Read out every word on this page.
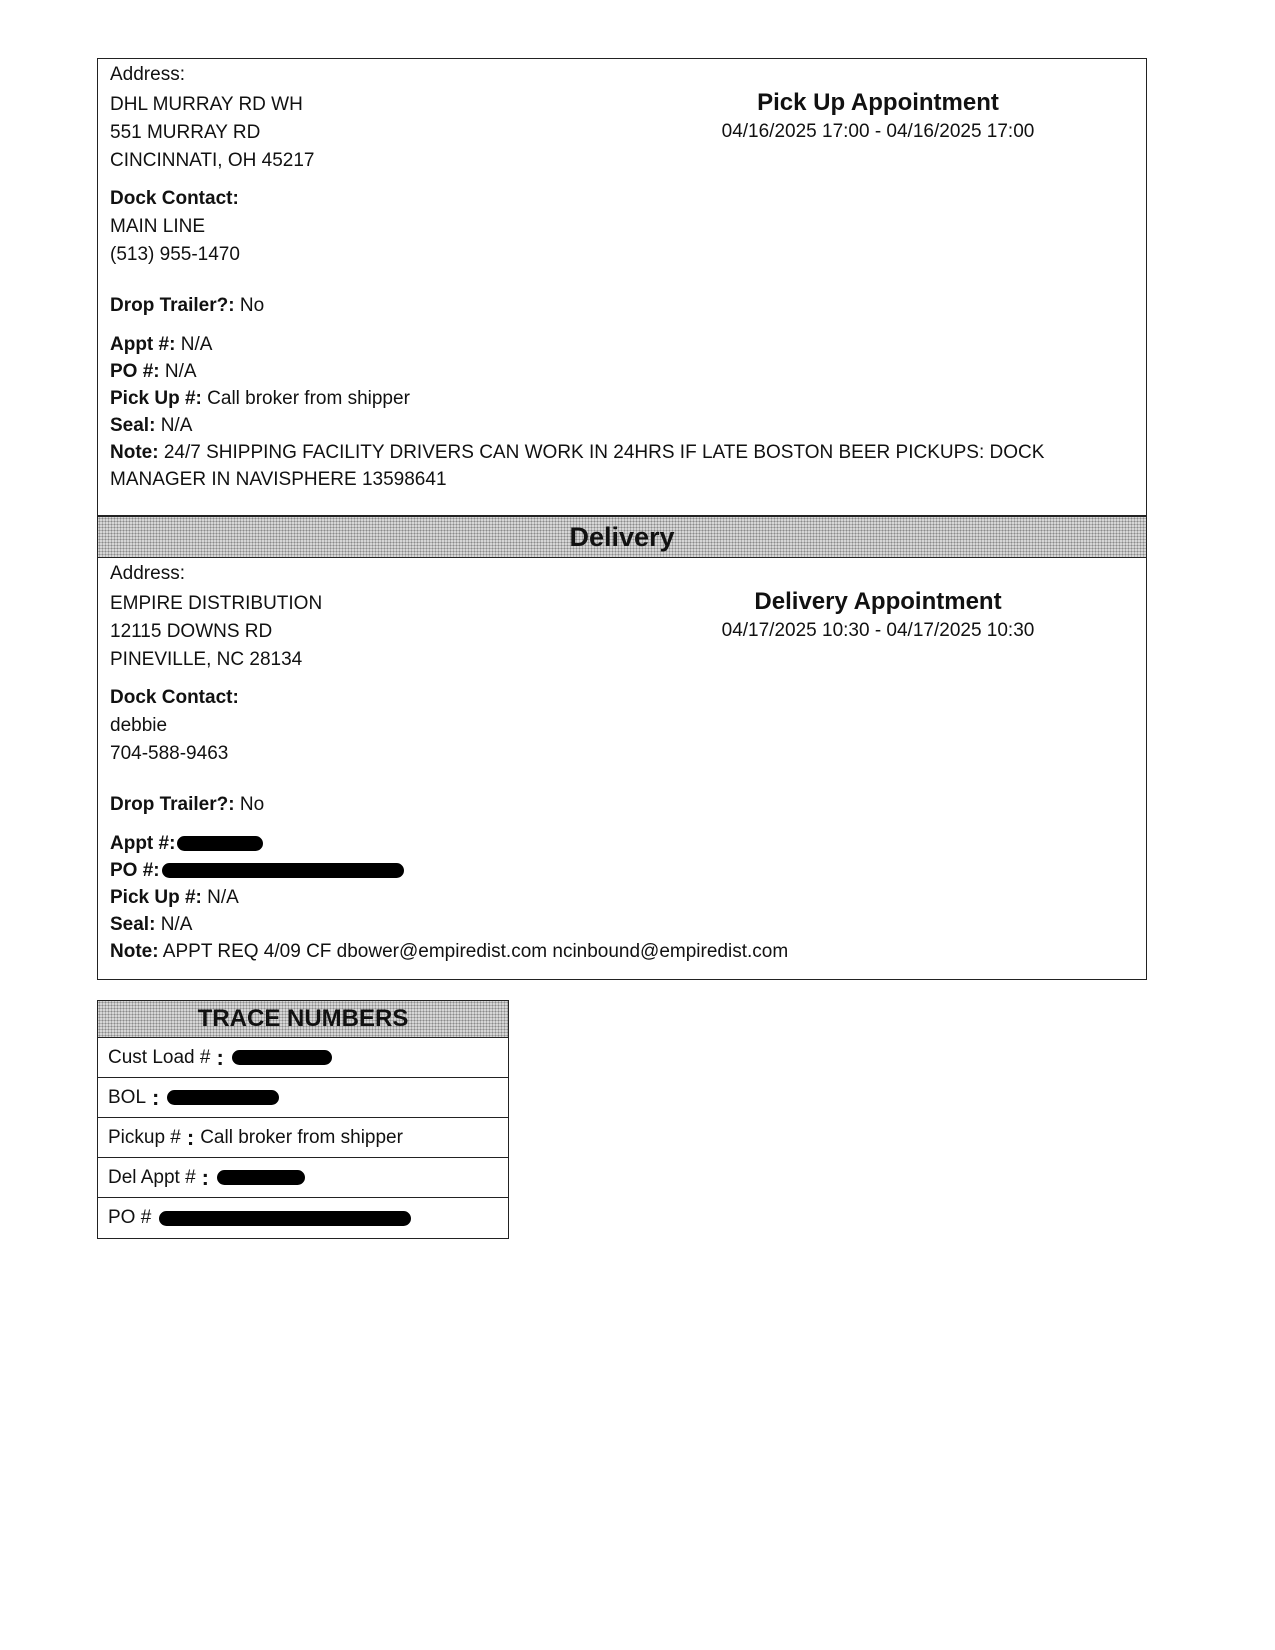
Address:
DHL MURRAY RD WH
551 MURRAY RD
CINCINNATI, OH 45217
Pick Up Appointment
04/16/2025 17:00 - 04/16/2025 17:00
Dock Contact:
MAIN LINE
(513) 955-1470
Drop Trailer?: No
Appt #: N/A
PO #: N/A
Pick Up #: Call broker from shipper
Seal: N/A
Note: 24/7 SHIPPING FACILITY DRIVERS CAN WORK IN 24HRS IF LATE BOSTON BEER PICKUPS: DOCK MANAGER IN NAVISPHERE 13598641
Delivery
Address:
EMPIRE DISTRIBUTION
12115 DOWNS RD
PINEVILLE, NC 28134
Delivery Appointment
04/17/2025 10:30 - 04/17/2025 10:30
Dock Contact:
debbie
704-588-9463
Drop Trailer?: No
Appt #:
PO #:
Pick Up #: N/A
Seal: N/A
Note: APPT REQ 4/09 CF dbower@empiredist.com ncinbound@empiredist.com
TRACE NUMBERS
Cust Load # :
BOL :
Pickup # : Call broker from shipper
Del Appt # :
PO #
